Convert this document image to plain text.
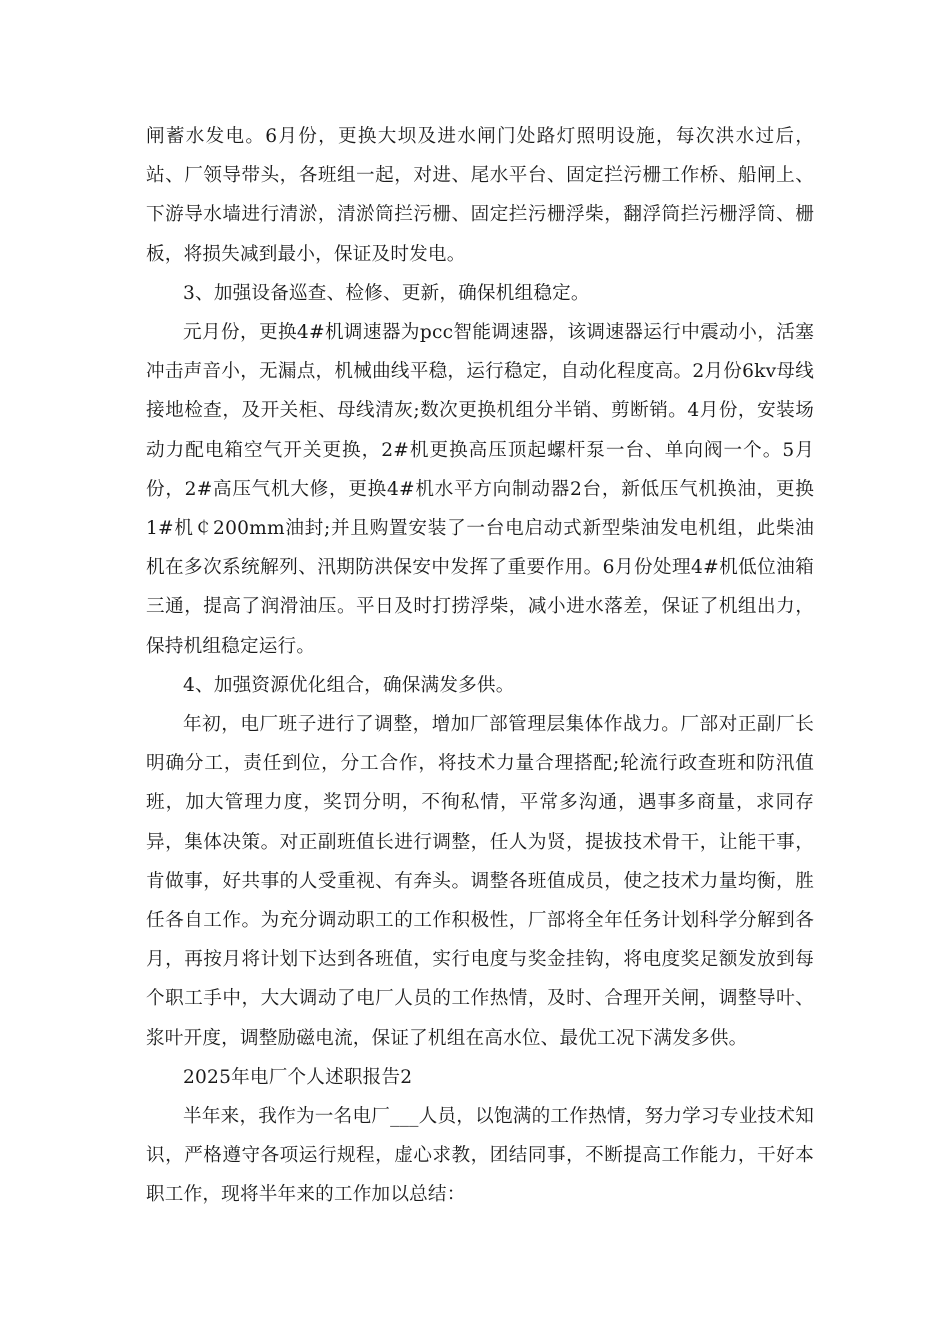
闸蓄水发电。6月份，更换大坝及进水闸门处路灯照明设施，每次洪水过后，站、厂领导带头，各班组一起，对进、尾水平台、固定拦污栅工作桥、船闸上、下游导水墙进行清淤，清淤筒拦污栅、固定拦污栅浮柴，翻浮筒拦污栅浮筒、栅板，将损失减到最小，保证及时发电。

3、加强设备巡查、检修、更新，确保机组稳定。

元月份，更换4#机调速器为pcc智能调速器，该调速器运行中震动小，活塞冲击声音小，无漏点，机械曲线平稳，运行稳定，自动化程度高。2月份6kv母线接地检查，及开关柜、母线清灰;数次更换机组分半销、剪断销。4月份，安装场动力配电箱空气开关更换，2#机更换高压顶起螺杆泵一台、单向阀一个。5月份，2#高压气机大修，更换4#机水平方向制动器2台，新低压气机换油，更换1#机￠200mm油封;并且购置安装了一台电启动式新型柴油发电机组，此柴油机在多次系统解列、汛期防洪保安中发挥了重要作用。6月份处理4#机低位油箱三通，提高了润滑油压。平日及时打捞浮柴，减小进水落差，保证了机组出力，保持机组稳定运行。

4、加强资源优化组合，确保满发多供。

年初，电厂班子进行了调整，增加厂部管理层集体作战力。厂部对正副厂长明确分工，责任到位，分工合作，将技术力量合理搭配;轮流行政查班和防汛值班，加大管理力度，奖罚分明，不徇私情，平常多沟通，遇事多商量，求同存异，集体决策。对正副班值长进行调整，任人为贤，提拔技术骨干，让能干事，肯做事，好共事的人受重视、有奔头。调整各班值成员，使之技术力量均衡，胜任各自工作。为充分调动职工的工作积极性，厂部将全年任务计划科学分解到各月，再按月将计划下达到各班值，实行电度与奖金挂钩，将电度奖足额发放到每个职工手中，大大调动了电厂人员的工作热情，及时、合理开关闸，调整导叶、浆叶开度，调整励磁电流，保证了机组在高水位、最优工况下满发多供。

2025年电厂个人述职报告2

半年来，我作为一名电厂___人员，以饱满的工作热情，努力学习专业技术知识，严格遵守各项运行规程，虚心求教，团结同事，不断提高工作能力，干好本职工作，现将半年来的工作加以总结：
